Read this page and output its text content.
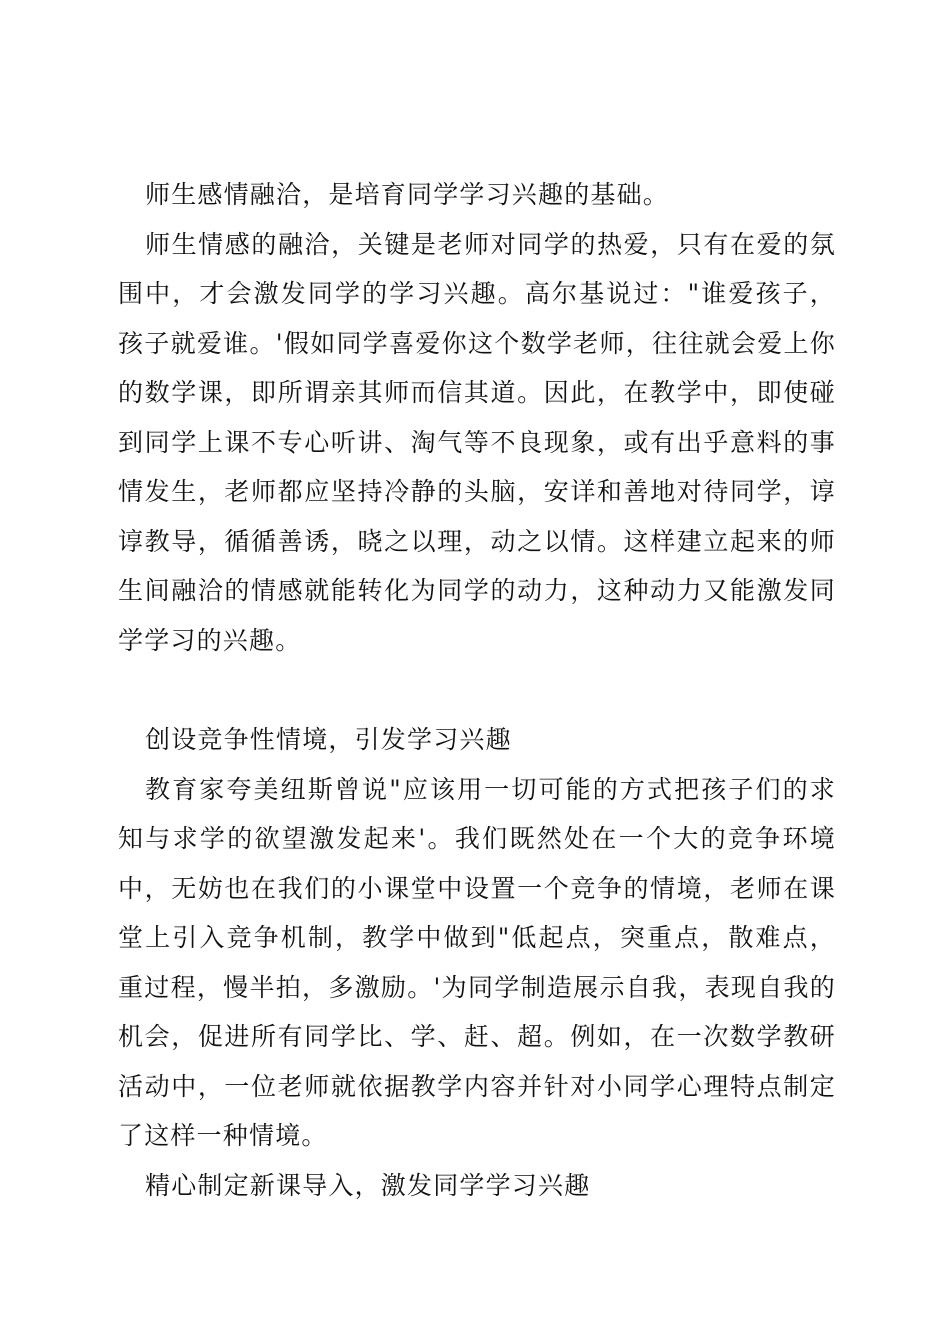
师生感情融洽，是培育同学学习兴趣的基础。

师生情感的融洽，关键是老师对同学的热爱，只有在爱的氛围中，才会激发同学的学习兴趣。高尔基说过："谁爱孩子，孩子就爱谁。'假如同学喜爱你这个数学老师，往往就会爱上你的数学课，即所谓亲其师而信其道。因此，在教学中，即使碰到同学上课不专心听讲、淘气等不良现象，或有出乎意料的事情发生，老师都应坚持冷静的头脑，安详和善地对待同学，谆谆教导，循循善诱，晓之以理，动之以情。这样建立起来的师生间融洽的情感就能转化为同学的动力，这种动力又能激发同学学习的兴趣。

创设竞争性情境，引发学习兴趣

教育家夸美纽斯曾说"应该用一切可能的方式把孩子们的求知与求学的欲望激发起来'。我们既然处在一个大的竞争环境中，无妨也在我们的小课堂中设置一个竞争的情境，老师在课堂上引入竞争机制，教学中做到"低起点，突重点，散难点，重过程，慢半拍，多激励。'为同学制造展示自我，表现自我的机会，促进所有同学比、学、赶、超。例如，在一次数学教研活动中，一位老师就依据教学内容并针对小同学心理特点制定了这样一种情境。

精心制定新课导入，激发同学学习兴趣
